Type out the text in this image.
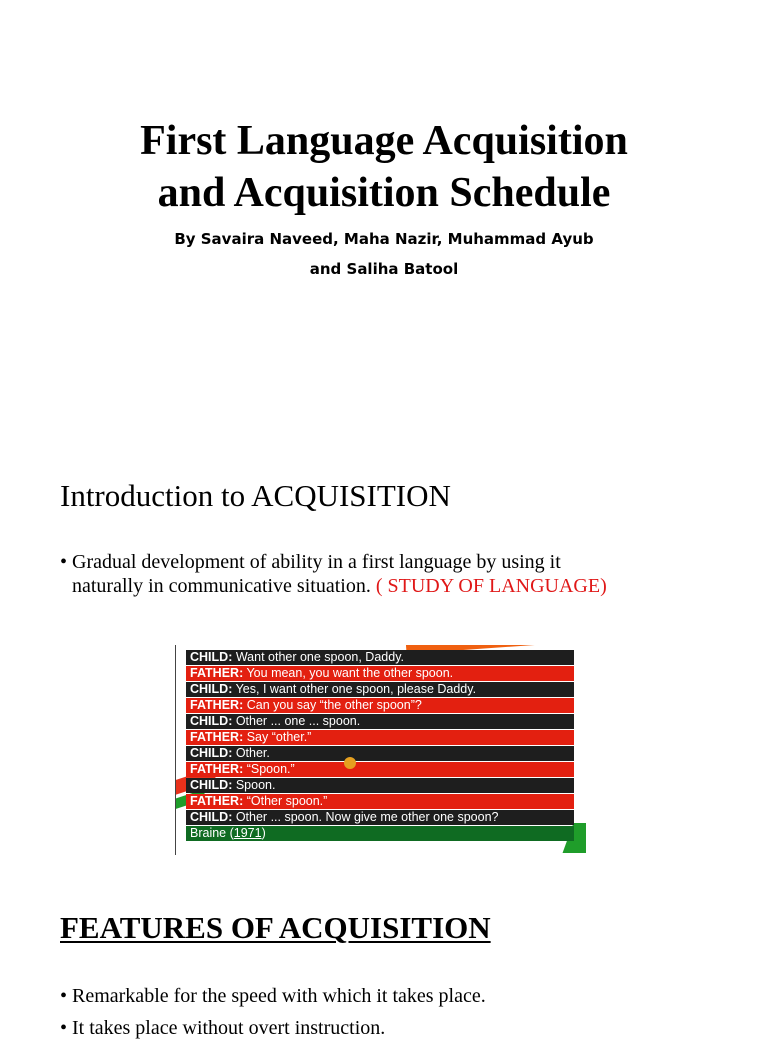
First Language Acquisition
and Acquisition Schedule
By Savaira Naveed, Maha Nazir, Muhammad Ayub
and Saliha Batool
Introduction to ACQUISITION
• Gradual development of ability in a first language by using it
naturally in communicative situation. ( STUDY OF LANGUAGE)
CHILD: Want other one spoon, Daddy.
FATHER: You mean, you want the other spoon.
CHILD: Yes, I want other one spoon, please Daddy.
FATHER: Can you say “the other spoon”?
CHILD: Other ... one ... spoon.
FATHER: Say “other.”
CHILD: Other.
FATHER: “Spoon.”
CHILD: Spoon.
FATHER: “Other spoon.”
CHILD: Other ... spoon. Now give me other one spoon?
Braine (1971)
FEATURES OF ACQUISITION
• Remarkable for the speed with which it takes place.
• It takes place without overt instruction.
